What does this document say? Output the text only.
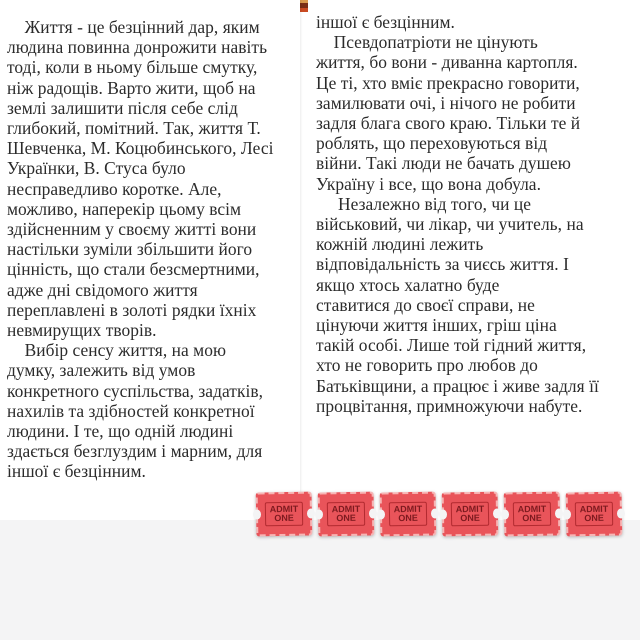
Життя - це безцінний дар, яким
людина повинна донрожити навіть
тоді, коли в ньому більше смутку,
ніж радощів. Варто жити, щоб на
землі залишити після себе слід
глибокий, помітний. Так, життя Т.
Шевченка, М. Коцюбинського, Лесі
Українки, В. Стуса було
несправедливо коротке. Але,
можливо, наперекір цьому всім
здійсненним у своєму житті вони
настільки зуміли збільшити його
цінність, що стали безсмертними,
адже дні свідомого життя
переплавлені в золоті рядки їхніх
невмирущих творів.
Вибір сенсу життя, на мою
думку, залежить від умов
конкретного суспільства, задатків,
нахилів та здібностей конкретної
людини. І те, що одній людині
здається безглуздим і марним, для
іншої є безцінним.
іншої є безцінним.
Псевдопатріоти не цінують
життя, бо вони - диванна картопля.
Це ті, хто вміє прекрасно говорити,
замилювати очі, і нічого не робити
задля блага свого краю. Тільки те й
роблять, що переховуються від
війни. Такі люди не бачать душею
Україну і все, що вона добула.
Незалежно від того, чи це
військовий, чи лікар, чи учитель, на
кожній людині лежить
відповідальність за чиєсь життя. І
якщо хтось халатно буде
ставитися до своєї справи, не
цінуючи життя інших, гріш ціна
такій особі. Лише той гідний життя,
хто не говорить про любов до
Батьківщини, а працює і живе задля її
процвітання, примножуючи набуте.
ADMIT
ONE
ADMIT
ONE
ADMIT
ONE
ADMIT
ONE
ADMIT
ONE
ADMIT
ONE
